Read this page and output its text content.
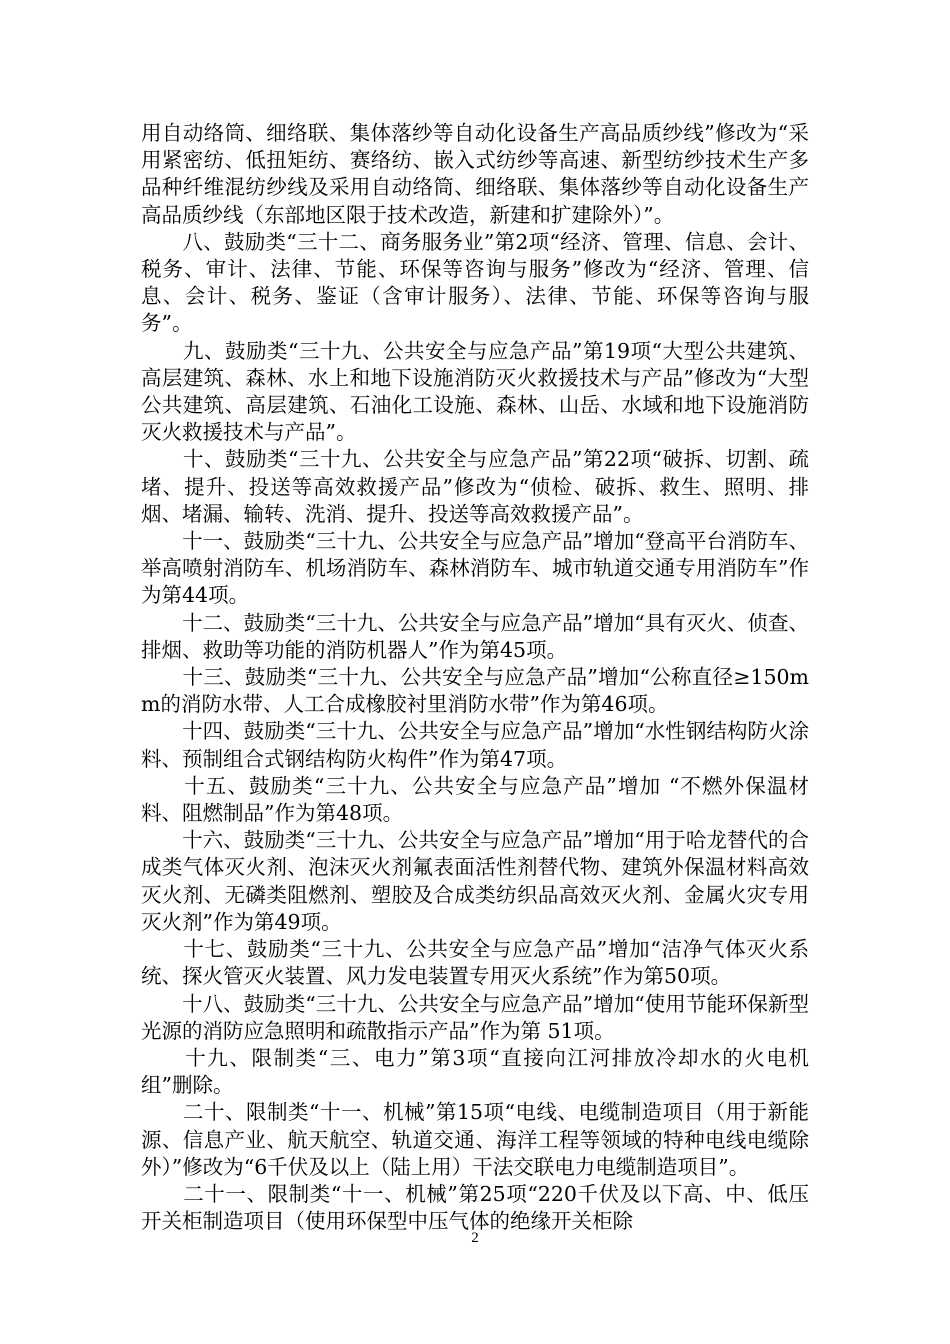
用自动络筒、细络联、集体落纱等自动化设备生产高品质纱线”修改为“采用紧密纺、低扭矩纺、赛络纺、嵌入式纺纱等高速、新型纺纱技术生产多品种纤维混纺纱线及采用自动络筒、细络联、集体落纱等自动化设备生产高品质纱线（东部地区限于技术改造，新建和扩建除外）”。

　　八、鼓励类“三十二、商务服务业”第2项“经济、管理、信息、会计、税务、审计、法律、节能、环保等咨询与服务”修改为“经济、管理、信息、会计、税务、鉴证（含审计服务）、法律、节能、环保等咨询与服务”。

　　九、鼓励类“三十九、公共安全与应急产品”第19项“大型公共建筑、高层建筑、森林、水上和地下设施消防灭火救援技术与产品”修改为“大型公共建筑、高层建筑、石油化工设施、森林、山岳、水域和地下设施消防灭火救援技术与产品”。

　　十、鼓励类“三十九、公共安全与应急产品”第22项“破拆、切割、疏堵、提升、投送等高效救援产品”修改为“侦检、破拆、救生、照明、排烟、堵漏、输转、洗消、提升、投送等高效救援产品”。

　　十一、鼓励类“三十九、公共安全与应急产品”增加“登高平台消防车、举高喷射消防车、机场消防车、森林消防车、城市轨道交通专用消防车”作为第44项。

　　十二、鼓励类“三十九、公共安全与应急产品”增加“具有灭火、侦查、排烟、救助等功能的消防机器人”作为第45项。

　　十三、鼓励类“三十九、公共安全与应急产品”增加“公称直径≥150mm的消防水带、人工合成橡胶衬里消防水带”作为第46项。

　　十四、鼓励类“三十九、公共安全与应急产品”增加“水性钢结构防火涂料、预制组合式钢结构防火构件”作为第47项。

　　十五、鼓励类“三十九、公共安全与应急产品”增加 “不燃外保温材料、阻燃制品”作为第48项。

　　十六、鼓励类“三十九、公共安全与应急产品”增加“用于哈龙替代的合成类气体灭火剂、泡沫灭火剂氟表面活性剂替代物、建筑外保温材料高效灭火剂、无磷类阻燃剂、塑胶及合成类纺织品高效灭火剂、金属火灾专用灭火剂”作为第49项。

　　十七、鼓励类“三十九、公共安全与应急产品”增加“洁净气体灭火系统、探火管灭火装置、风力发电装置专用灭火系统”作为第50项。

　　十八、鼓励类“三十九、公共安全与应急产品”增加“使用节能环保新型光源的消防应急照明和疏散指示产品”作为第 51项。

　　十九、限制类“三、电力”第3项“直接向江河排放冷却水的火电机组”删除。

　　二十、限制类“十一、机械”第15项“电线、电缆制造项目（用于新能源、信息产业、航天航空、轨道交通、海洋工程等领域的特种电线电缆除外）”修改为“6千伏及以上（陆上用）干法交联电力电缆制造项目”。

　　二十一、限制类“十一、机械”第25项“220千伏及以下高、中、低压开关柜制造项目（使用环保型中压气体的绝缘开关柜除

2
